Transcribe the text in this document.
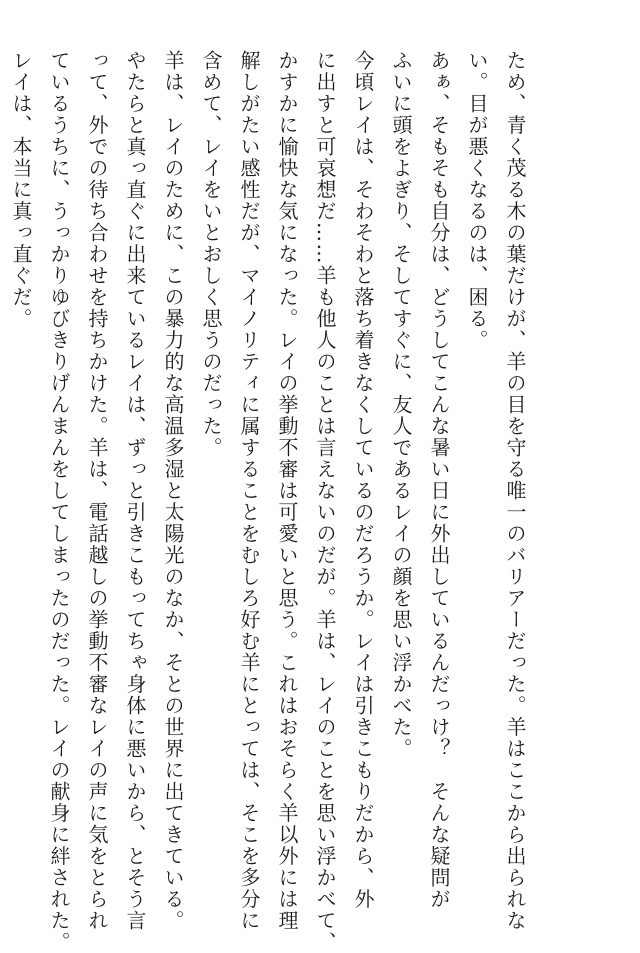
ため、青く茂る木の葉だけが、羊の目を守る唯一のバリアーだった。羊はここから出られな
い。目が悪くなるのは、困る。
あぁ、そもそも自分は、どうしてこんな暑い日に外出しているんだっけ？　そんな疑問が
ふいに頭をよぎり、そしてすぐに、友人であるレイの顔を思い浮かべた。
今頃レイは、そわそわと落ち着きなくしているのだろうか。レイは引きこもりだから、外
に出すと可哀想だ……羊も他人のことは言えないのだが。羊は、レイのことを思い浮かべて、
かすかに愉快な気になった。レイの挙動不審は可愛いと思う。これはおそらく羊以外には理
解しがたい感性だが、マイノリティに属することをむしろ好む羊にとっては、そこを多分に
含めて、レイをいとおしく思うのだった。
羊は、レイのために、この暴力的な高温多湿と太陽光のなか、そとの世界に出てきている。
やたらと真っ直ぐに出来ているレイは、ずっと引きこもってちゃ身体に悪いから、とそう言
って、外での待ち合わせを持ちかけた。羊は、電話越しの挙動不審なレイの声に気をとられ
ているうちに、うっかりゆびきりげんまんをしてしまったのだった。レイの献身に絆された。
レイは、本当に真っ直ぐだ。
